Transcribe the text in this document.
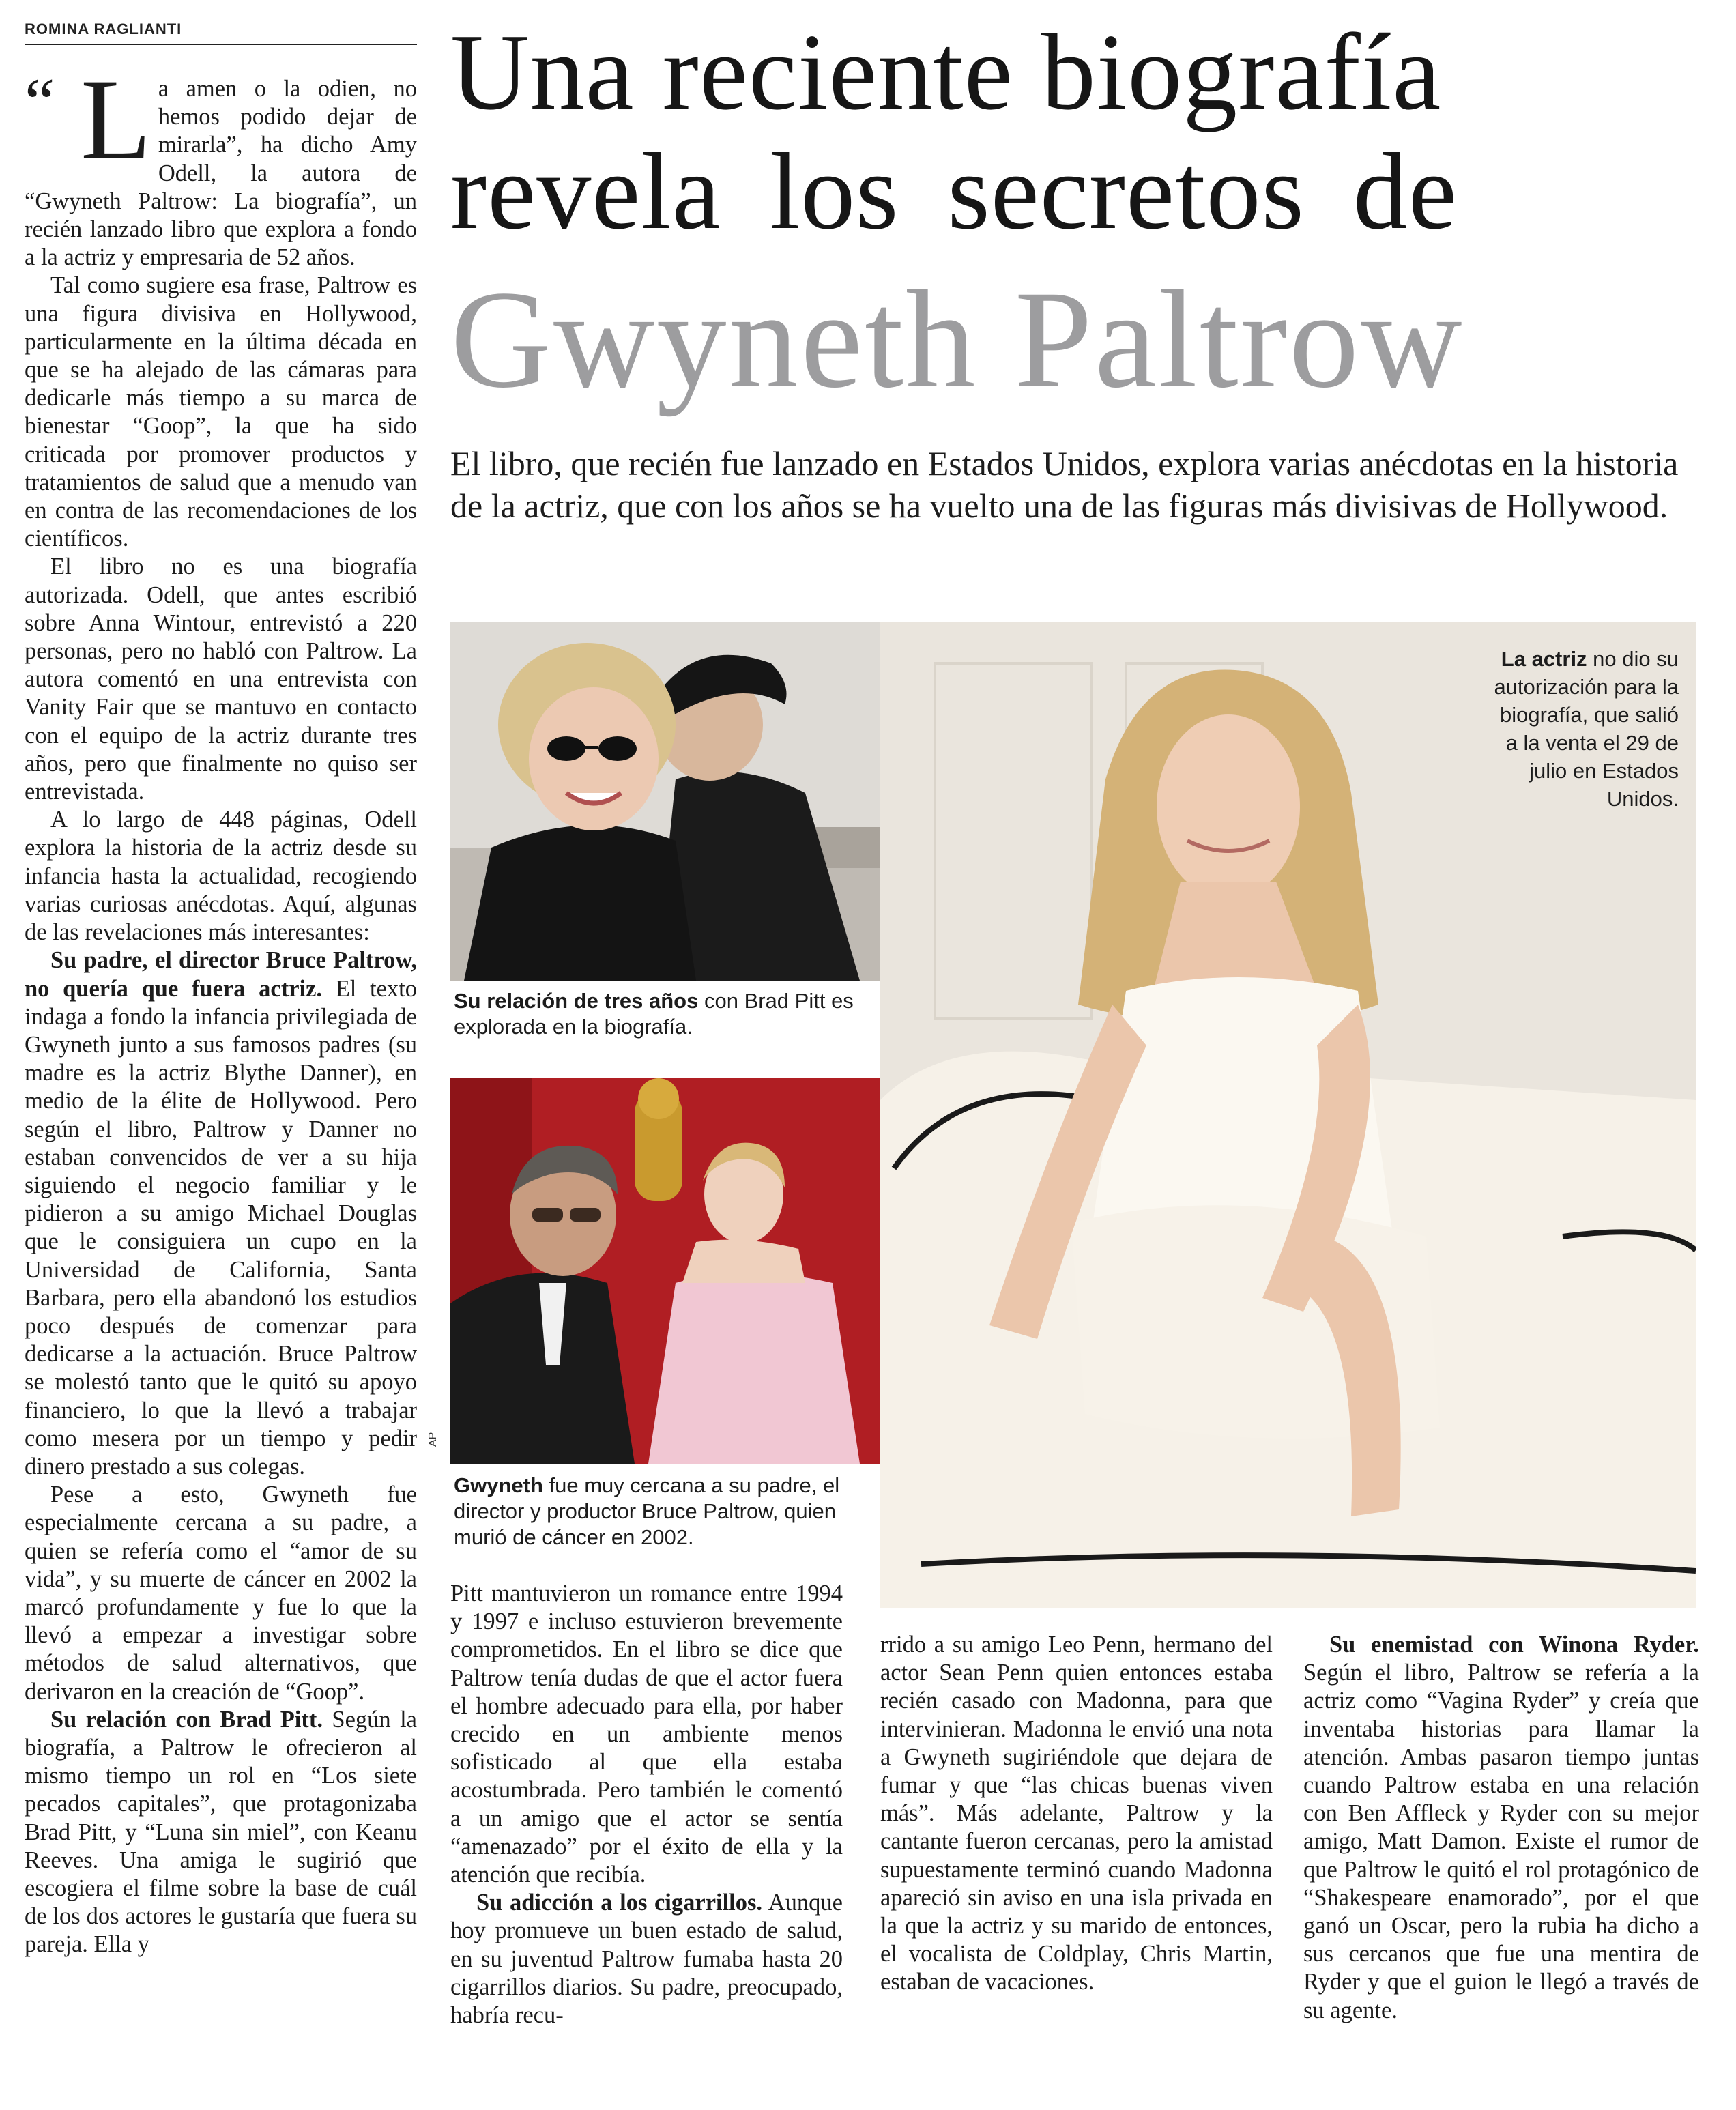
ROMINA RAGLIANTI	Una reciente biografía
revela los secretos de
Gwyneth Paltrow
El libro, que recién fue lanzado en Estados Unidos, explora varias anécdotas en la historia de la actriz, que con los años se ha vuelto una de las figuras más divisivas de Hollywood.
“ L a amen o la odien, no hemos podido dejar de mirarla”, ha dicho Amy Odell, la autora de “Gwyneth Paltrow: La biografía”, un recién lanzado libro que explora a fondo a la actriz y empresaria de 52 años.

Tal como sugiere esa frase, Paltrow es una figura divisiva en Hollywood, particularmente en la última década en que se ha alejado de las cámaras para dedicarle más tiempo a su marca de bienestar “Goop”, la que ha sido criticada por promover productos y tratamientos de salud que a menudo van en contra de las recomendaciones de los científicos.

El libro no es una biografía autorizada. Odell, que antes escribió sobre Anna Wintour, entrevistó a 220 personas, pero no habló con Paltrow. La autora comentó en una entrevista con Vanity Fair que se mantuvo en contacto con el equipo de la actriz durante tres años, pero que finalmente no quiso ser entrevistada.

A lo largo de 448 páginas, Odell explora la historia de la actriz desde su infancia hasta la actualidad, recogiendo varias curiosas anécdotas. Aquí, algunas de las revelaciones más interesantes:

Su padre, el director Bruce Paltrow, no quería que fuera actriz. El texto indaga a fondo la infancia privilegiada de Gwyneth junto a sus famosos padres (su madre es la actriz Blythe Danner), en medio de la élite de Hollywood. Pero según el libro, Paltrow y Danner no estaban convencidos de ver a su hija siguiendo el negocio familiar y le pidieron a su amigo Michael Douglas que le consiguiera un cupo en la Universidad de California, Santa Barbara, pero ella abandonó los estudios poco después de comenzar para dedicarse a la actuación. Bruce Paltrow se molestó tanto que le quitó su apoyo financiero, lo que la llevó a trabajar como mesera por un tiempo y pedir dinero prestado a sus colegas.

Pese a esto, Gwyneth fue especialmente cercana a su padre, a quien se refería como el “amor de su vida”, y su muerte de cáncer en 2002 la marcó profundamente y fue lo que la llevó a empezar a investigar sobre métodos de salud alternativos, que derivaron en la creación de “Goop”.

Su relación con Brad Pitt. Según la biografía, a Paltrow le ofrecieron al mismo tiempo un rol en “Los siete pecados capitales”, que protagonizaba Brad Pitt, y “Luna sin miel”, con Keanu Reeves. Una amiga le sugirió que escogiera el filme sobre la base de cuál de los dos actores le gustaría que fuera su pareja. Ella y

Su relación de tres años con Brad Pitt es explorada en la biografía.
AP
Gwyneth fue muy cercana a su padre, el director y productor Bruce Paltrow, quien murió de cáncer en 2002.
La actriz no dio su autorización para la biografía, que salió a la venta el 29 de julio en Estados Unidos.

Pitt mantuvieron un romance entre 1994 y 1997 e incluso estuvieron brevemente comprometidos. En el libro se dice que Paltrow tenía dudas de que el actor fuera el hombre adecuado para ella, por haber crecido en un ambiente menos sofisticado al que ella estaba acostumbrada. Pero también le comentó a un amigo que el actor se sentía “amenazado” por el éxito de ella y la atención que recibía.

Su adicción a los cigarrillos. Aunque hoy promueve un buen estado de salud, en su juventud Paltrow fumaba hasta 20 cigarrillos diarios. Su padre, preocupado, habría recu-

rrido a su amigo Leo Penn, hermano del actor Sean Penn quien entonces estaba recién casado con Madonna, para que intervinieran. Madonna le envió una nota a Gwyneth sugiriéndole que dejara de fumar y que “las chicas buenas viven más”. Más adelante, Paltrow y la cantante fueron cercanas, pero la amistad supuestamente terminó cuando Madonna apareció sin aviso en una isla privada en la que la actriz y su marido de entonces, el vocalista de Coldplay, Chris Martin, estaban de vacaciones.

Su enemistad con Winona Ryder. Según el libro, Paltrow se refería a la actriz como “Vagina Ryder” y creía que inventaba historias para llamar la atención. Ambas pasaron tiempo juntas cuando Paltrow estaba en una relación con Ben Affleck y Ryder con su mejor amigo, Matt Damon. Existe el rumor de que Paltrow le quitó el rol protagónico de “Shakespeare enamorado”, por el que ganó un Oscar, pero la rubia ha dicho a sus cercanos que fue una mentira de Ryder y que el guion le llegó a través de su agente.
